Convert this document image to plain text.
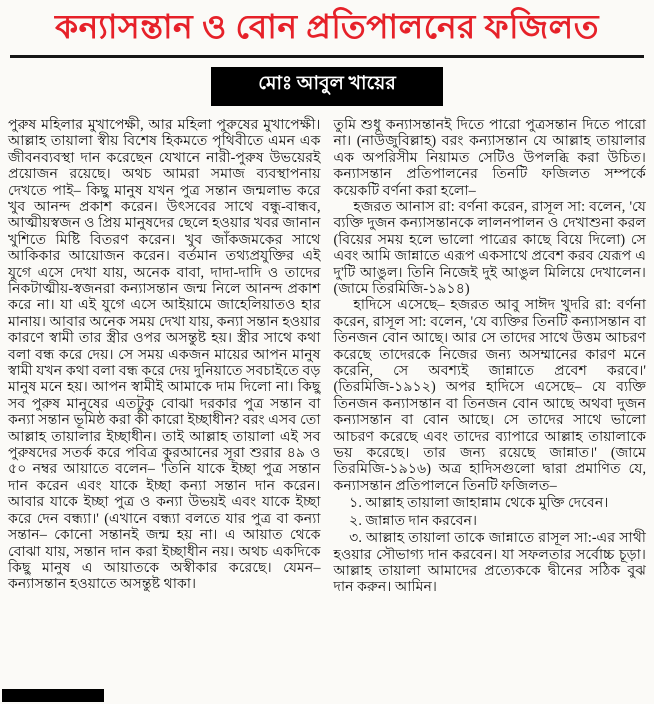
কন্যাসন্তান ও বোন প্রতিপালনের ফজিলত
মোঃ আবুল খায়ের

পুরুষ মহিলার মুখাপেক্ষী, আর মহিলা পুরুষের মুখাপেক্ষী। আল্লাহ তায়ালা স্বীয় বিশেষ হিকমতে পৃথিবীতে এমন এক জীবনব্যবস্থা দান করেছেন যেখানে নারী-পুরুষ উভয়েরই প্রয়োজন রয়েছে। অথচ আমরা সমাজ ব্যবস্থাপনায় দেখতে পাই– কিছু মানুষ যখন পুত্র সন্তান জন্মলাভ করে খুব আনন্দ প্রকাশ করেন। উৎসবের সাথে বন্ধু-বান্ধব, আত্মীয়স্বজন ও প্রিয় মানুষদের ছেলে হওয়ার খবর জানান খুশিতে মিষ্টি বিতরণ করেন। খুব জাঁকজমকের সাথে আকিকার আয়োজন করেন। বর্তমান তথ্যপ্রযুক্তির এই যুগে এসে দেখা যায়, অনেক বাবা, দাদা-দাদি ও তাদের নিকটাত্মীয়-স্বজনরা কন্যাসন্তান জন্ম নিলে আনন্দ প্রকাশ করে না। যা এই যুগে এসে আইয়ামে জাহেলিয়াতও হার মানায়। আবার অনেক সময় দেখা যায়, কন্যা সন্তান হওয়ার কারণে স্বামী তার স্ত্রীর ওপর অসন্তুষ্ট হয়। স্ত্রীর সাথে কথা বলা বন্ধ করে দেয়। সে সময় একজন মায়ের আপন মানুষ স্বামী যখন কথা বলা বন্ধ করে দেয় দুনিয়াতে সবচাইতে বড় মানুষ মনে হয়। আপন স্বামীই আমাকে দাম দিলো না। কিছু সব পুরুষ মানুষের এতটুকু বোঝা দরকার পুত্র সন্তান বা কন্যা সন্তান ভূমিষ্ঠ করা কী কারো ইচ্ছাধীন? বরং এসব তো আল্লাহ তায়ালার ইচ্ছাধীন। তাই আল্লাহ তায়ালা এই সব পুরুষদের সতর্ক করে পবিত্র কুরআনের সূরা শুরার ৪৯ ও ৫০ নম্বর আয়াতে বলেন– 'তিনি যাকে ইচ্ছা পুত্র সন্তান দান করেন এবং যাকে ইচ্ছা কন্যা সন্তান দান করেন। আবার যাকে ইচ্ছা পুত্র ও কন্যা উভয়ই এবং যাকে ইচ্ছা করে দেন বন্ধ্যা।' (এখানে বন্ধ্যা বলতে যার পুত্র বা কন্যা সন্তান– কোনো সন্তানই জন্ম হয় না। এ আয়াত থেকে বোঝা যায়, সন্তান দান করা ইচ্ছাধীন নয়। অথচ একদিকে কিছু মানুষ এ আয়াতকে অস্বীকার করেছে। যেমন– কন্যাসন্তান হওয়াতে অসন্তুষ্ট থাকা।

তুমি শুধু কন্যাসন্তানই দিতে পারো পুত্রসন্তান দিতে পারো না। (নাউজুবিল্লাহ) বরং কন্যাসন্তান যে আল্লাহ তায়ালার এক অপরিসীম নিয়ামত সেটিও উপলব্ধি করা উচিত। কন্যাসন্তান প্রতিপালনের তিনটি ফজিলত সম্পর্কে কয়েকটি বর্ণনা করা হলো–

হজরত আনাস রা: বর্ণনা করেন, রাসূল সা: বলেন, 'যে ব্যক্তি দুজন কন্যাসন্তানকে লালনপালন ও দেখাশুনা করল (বিয়ের সময় হলে ভালো পাত্রের কাছে বিয়ে দিলো) সে এবং আমি জান্নাতে এরূপ একসাথে প্রবেশ করব যেরূপ এ দু'টি আঙুল। তিনি নিজেই দুই আঙুল মিলিয়ে দেখালেন। (জামে তিরমিজি-১৯১৪)

হাদিসে এসেছে– হজরত আবু সাঈদ খুদরি রা: বর্ণনা করেন, রাসূল সা: বলেন, 'যে ব্যক্তির তিনটি কন্যাসন্তান বা তিনজন বোন আছে। আর সে তাদের সাথে উত্তম আচরণ করেছে তাদেরকে নিজের জন্য অসম্মানের কারণ মনে করেনি, সে অবশ্যই জান্নাতে প্রবেশ করবে।' (তিরমিজি-১৯১২) অপর হাদিসে এসেছে– যে ব্যক্তি তিনজন কন্যাসন্তান বা তিনজন বোন আছে অথবা দুজন কন্যাসন্তান বা বোন আছে। সে তাদের সাথে ভালো আচরণ করেছে এবং তাদের ব্যাপারে আল্লাহ তায়ালাকে ভয় করেছে। তার জন্য রয়েছে জান্নাত।' (জামে তিরমিজি-১৯১৬) অত্র হাদিসগুলো দ্বারা প্রমাণিত যে, কন্যাসন্তান প্রতিপালনে তিনটি ফজিলত–

১. আল্লাহ তায়ালা জাহান্নাম থেকে মুক্তি দেবেন।

২. জান্নাত দান করবেন।

৩. আল্লাহ তায়ালা তাকে জান্নাতে রাসূল সা:-এর সাথী হওয়ার সৌভাগ্য দান করবেন। যা সফলতার সর্বোচ্চ চূড়া। আল্লাহ তায়ালা আমাদের প্রত্যেককে দ্বীনের সঠিক বুঝ দান করুন। আমিন।
